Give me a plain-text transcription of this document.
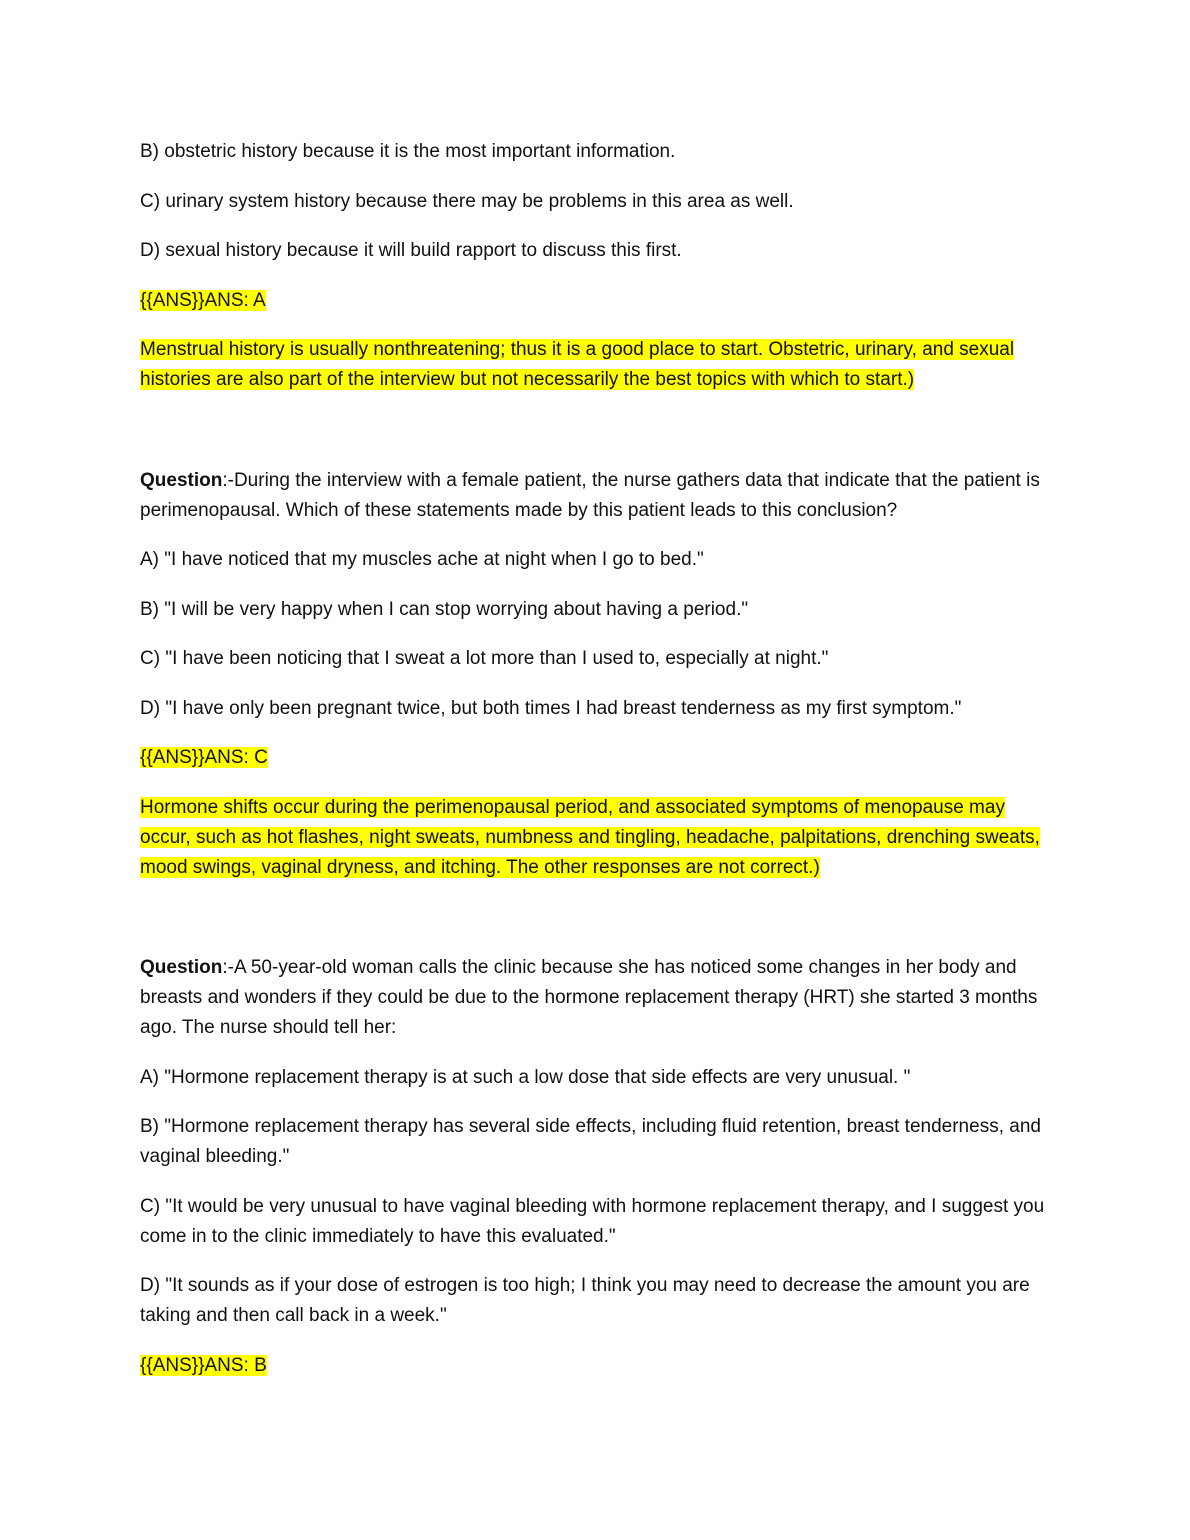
B) obstetric history because it is the most important information.

C) urinary system history because there may be problems in this area as well.

D) sexual history because it will build rapport to discuss this first.

{{ANS}}ANS: A

Menstrual history is usually nonthreatening; thus it is a good place to start. Obstetric, urinary, and sexual histories are also part of the interview but not necessarily the best topics with which to start.)

Question:-During the interview with a female patient, the nurse gathers data that indicate that the patient is perimenopausal. Which of these statements made by this patient leads to this conclusion?

A) "I have noticed that my muscles ache at night when I go to bed."

B) "I will be very happy when I can stop worrying about having a period."

C) "I have been noticing that I sweat a lot more than I used to, especially at night."

D) "I have only been pregnant twice, but both times I had breast tenderness as my first symptom."

{{ANS}}ANS: C

Hormone shifts occur during the perimenopausal period, and associated symptoms of menopause may occur, such as hot flashes, night sweats, numbness and tingling, headache, palpitations, drenching sweats, mood swings, vaginal dryness, and itching. The other responses are not correct.)

Question:-A 50-year-old woman calls the clinic because she has noticed some changes in her body and breasts and wonders if they could be due to the hormone replacement therapy (HRT) she started 3 months ago. The nurse should tell her:

A) "Hormone replacement therapy is at such a low dose that side effects are very unusual. "

B) "Hormone replacement therapy has several side effects, including fluid retention, breast tenderness, and vaginal bleeding."

C) "It would be very unusual to have vaginal bleeding with hormone replacement therapy, and I suggest you come in to the clinic immediately to have this evaluated."

D) "It sounds as if your dose of estrogen is too high; I think you may need to decrease the amount you are taking and then call back in a week."

{{ANS}}ANS: B
